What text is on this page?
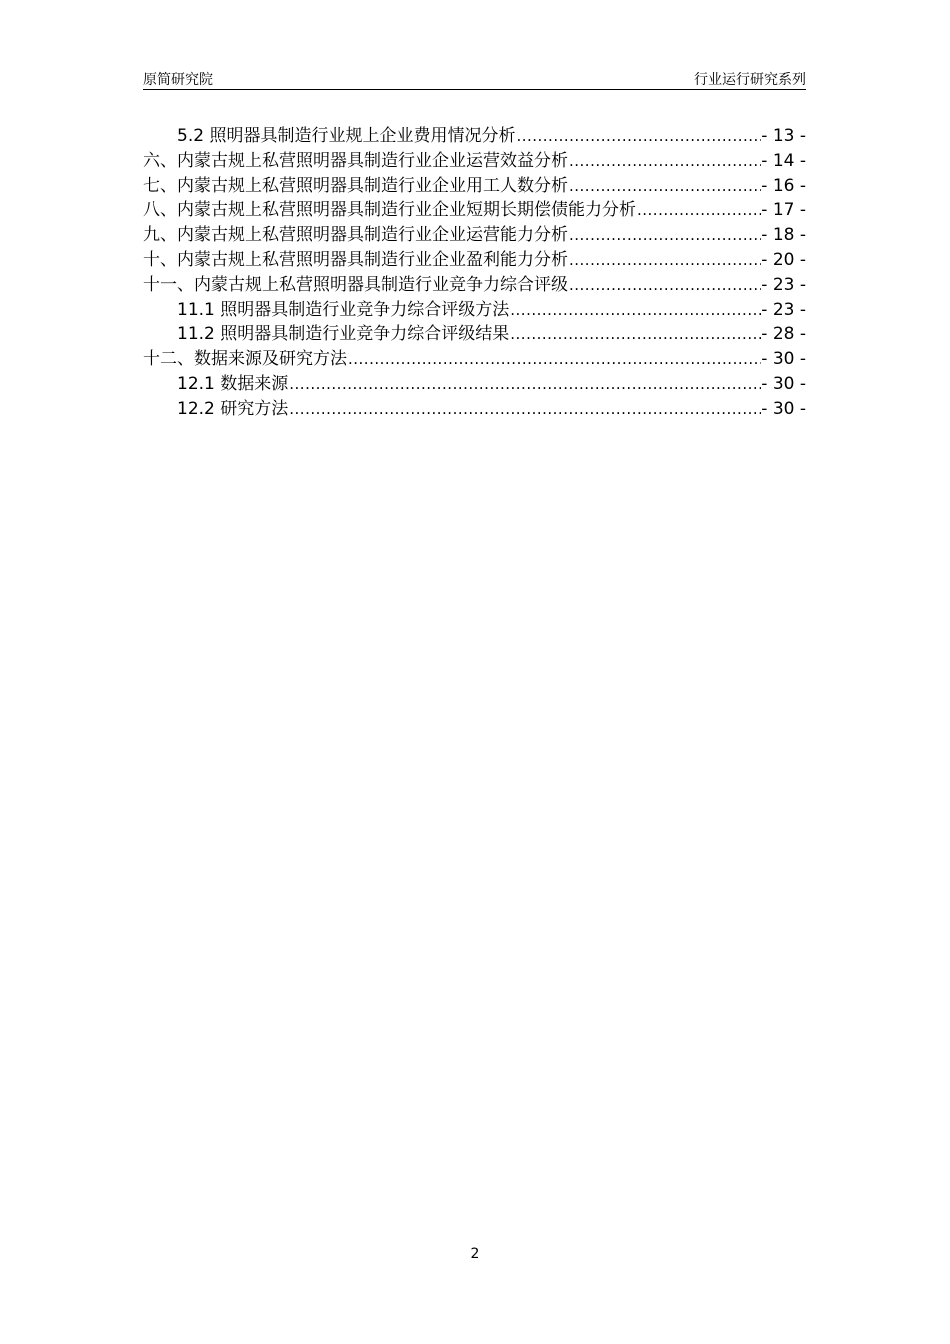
原简研究院	行业运行研究系列
5.2 照明器具制造行业规上企业费用情况分析 .....	- 13 -
六、内蒙古规上私营照明器具制造行业企业运营效益分析 .....	- 14 -
七、内蒙古规上私营照明器具制造行业企业用工人数分析 .....	- 16 -
八、内蒙古规上私营照明器具制造行业企业短期长期偿债能力分析 .....	- 17 -
九、内蒙古规上私营照明器具制造行业企业运营能力分析 .....	- 18 -
十、内蒙古规上私营照明器具制造行业企业盈利能力分析 .....	- 20 -
十一、内蒙古规上私营照明器具制造行业竞争力综合评级 .....	- 23 -
11.1 照明器具制造行业竞争力综合评级方法 .....	- 23 -
11.2 照明器具制造行业竞争力综合评级结果 .....	- 28 -
十二、数据来源及研究方法 .....	- 30 -
12.1 数据来源 .....	- 30 -
12.2 研究方法 .....	- 30 -
2
